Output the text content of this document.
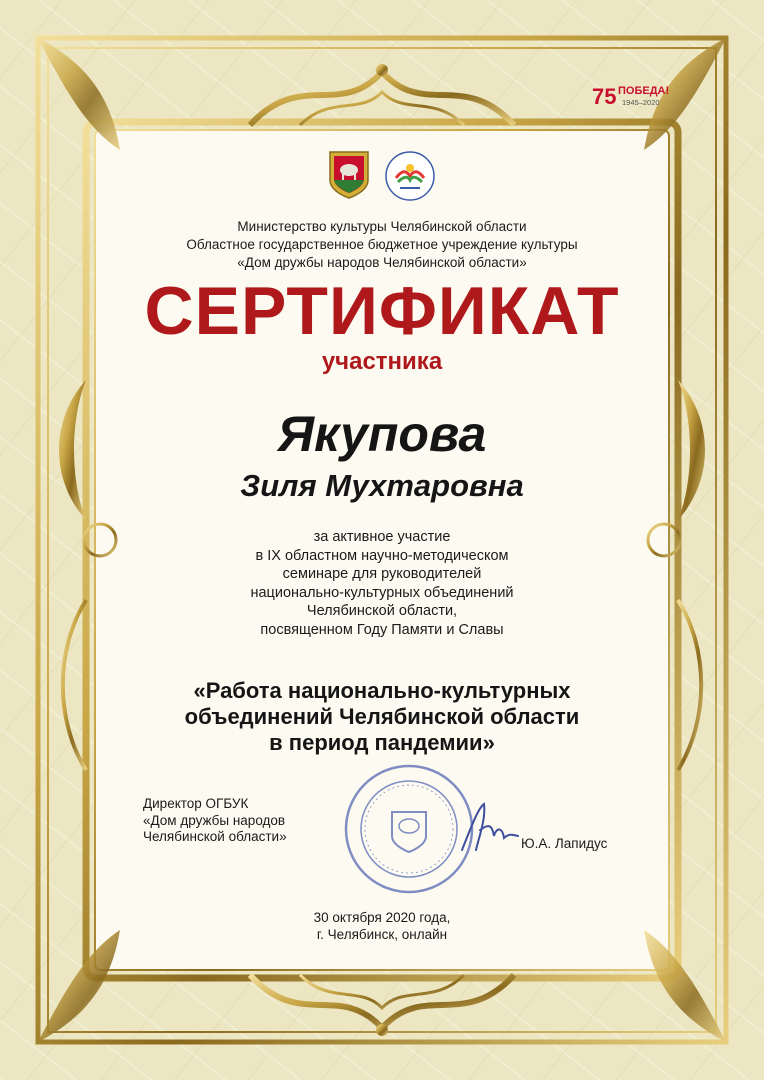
75 ПОБЕДА!
1945–2020
Министерство культуры Челябинской области
Областное государственное бюджетное учреждение культуры
«Дом дружбы народов Челябинской области»
СЕРТИФИКАТ
участника
Якупова
Зиля Мухтаровна
за активное участие
в IX областном научно-методическом
семинаре для руководителей
национально-культурных объединений
Челябинской области,
посвященном Году Памяти и Славы
«Работа национально-культурных
объединений Челябинской области
в период пандемии»
Директор ОГБУК
«Дом дружбы народов
Челябинской области»	Ю.А. Лапидус
30 октября 2020 года,
г. Челябинск, онлайн
